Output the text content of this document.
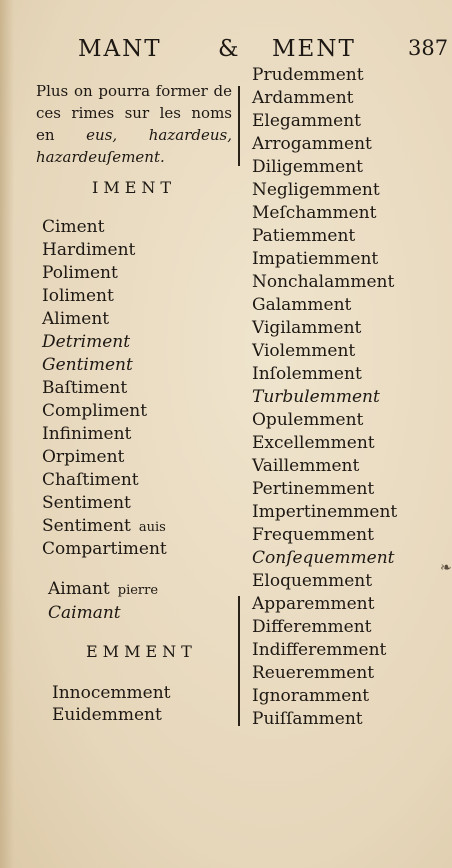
MANT & MENT 387
Plus on pourra former de ces rimes sur les noms en eus, hazardeus, hazardeuſement.
IMENT
Ciment
Hardiment
Poliment
Ioliment
Aliment
Detriment
Gentiment
Baſtiment
Compliment
Infiniment
Orpiment
Chaſtiment
Sentiment
Sentiment auis
Compartiment
Aimant pierre
Caimant
EMMENT
Innocemment
Euidemment
Prudemment
Ardamment
Elegamment
Arrogamment
Diligemment
Negligemment
Meſchamment
Patiemment
Impatiemment
Nonchalamment
Galamment
Vigilamment
Violemment
Inſolemment
Turbulemment
Opulemment
Excellemment
Vaillemment
Pertinemment
Impertinemment
Frequemment
Conſequemment
Eloquemment
Apparemment
Differemment
Indifferemment
Reueremment
Ignoramment
Puiſſamment
❧
